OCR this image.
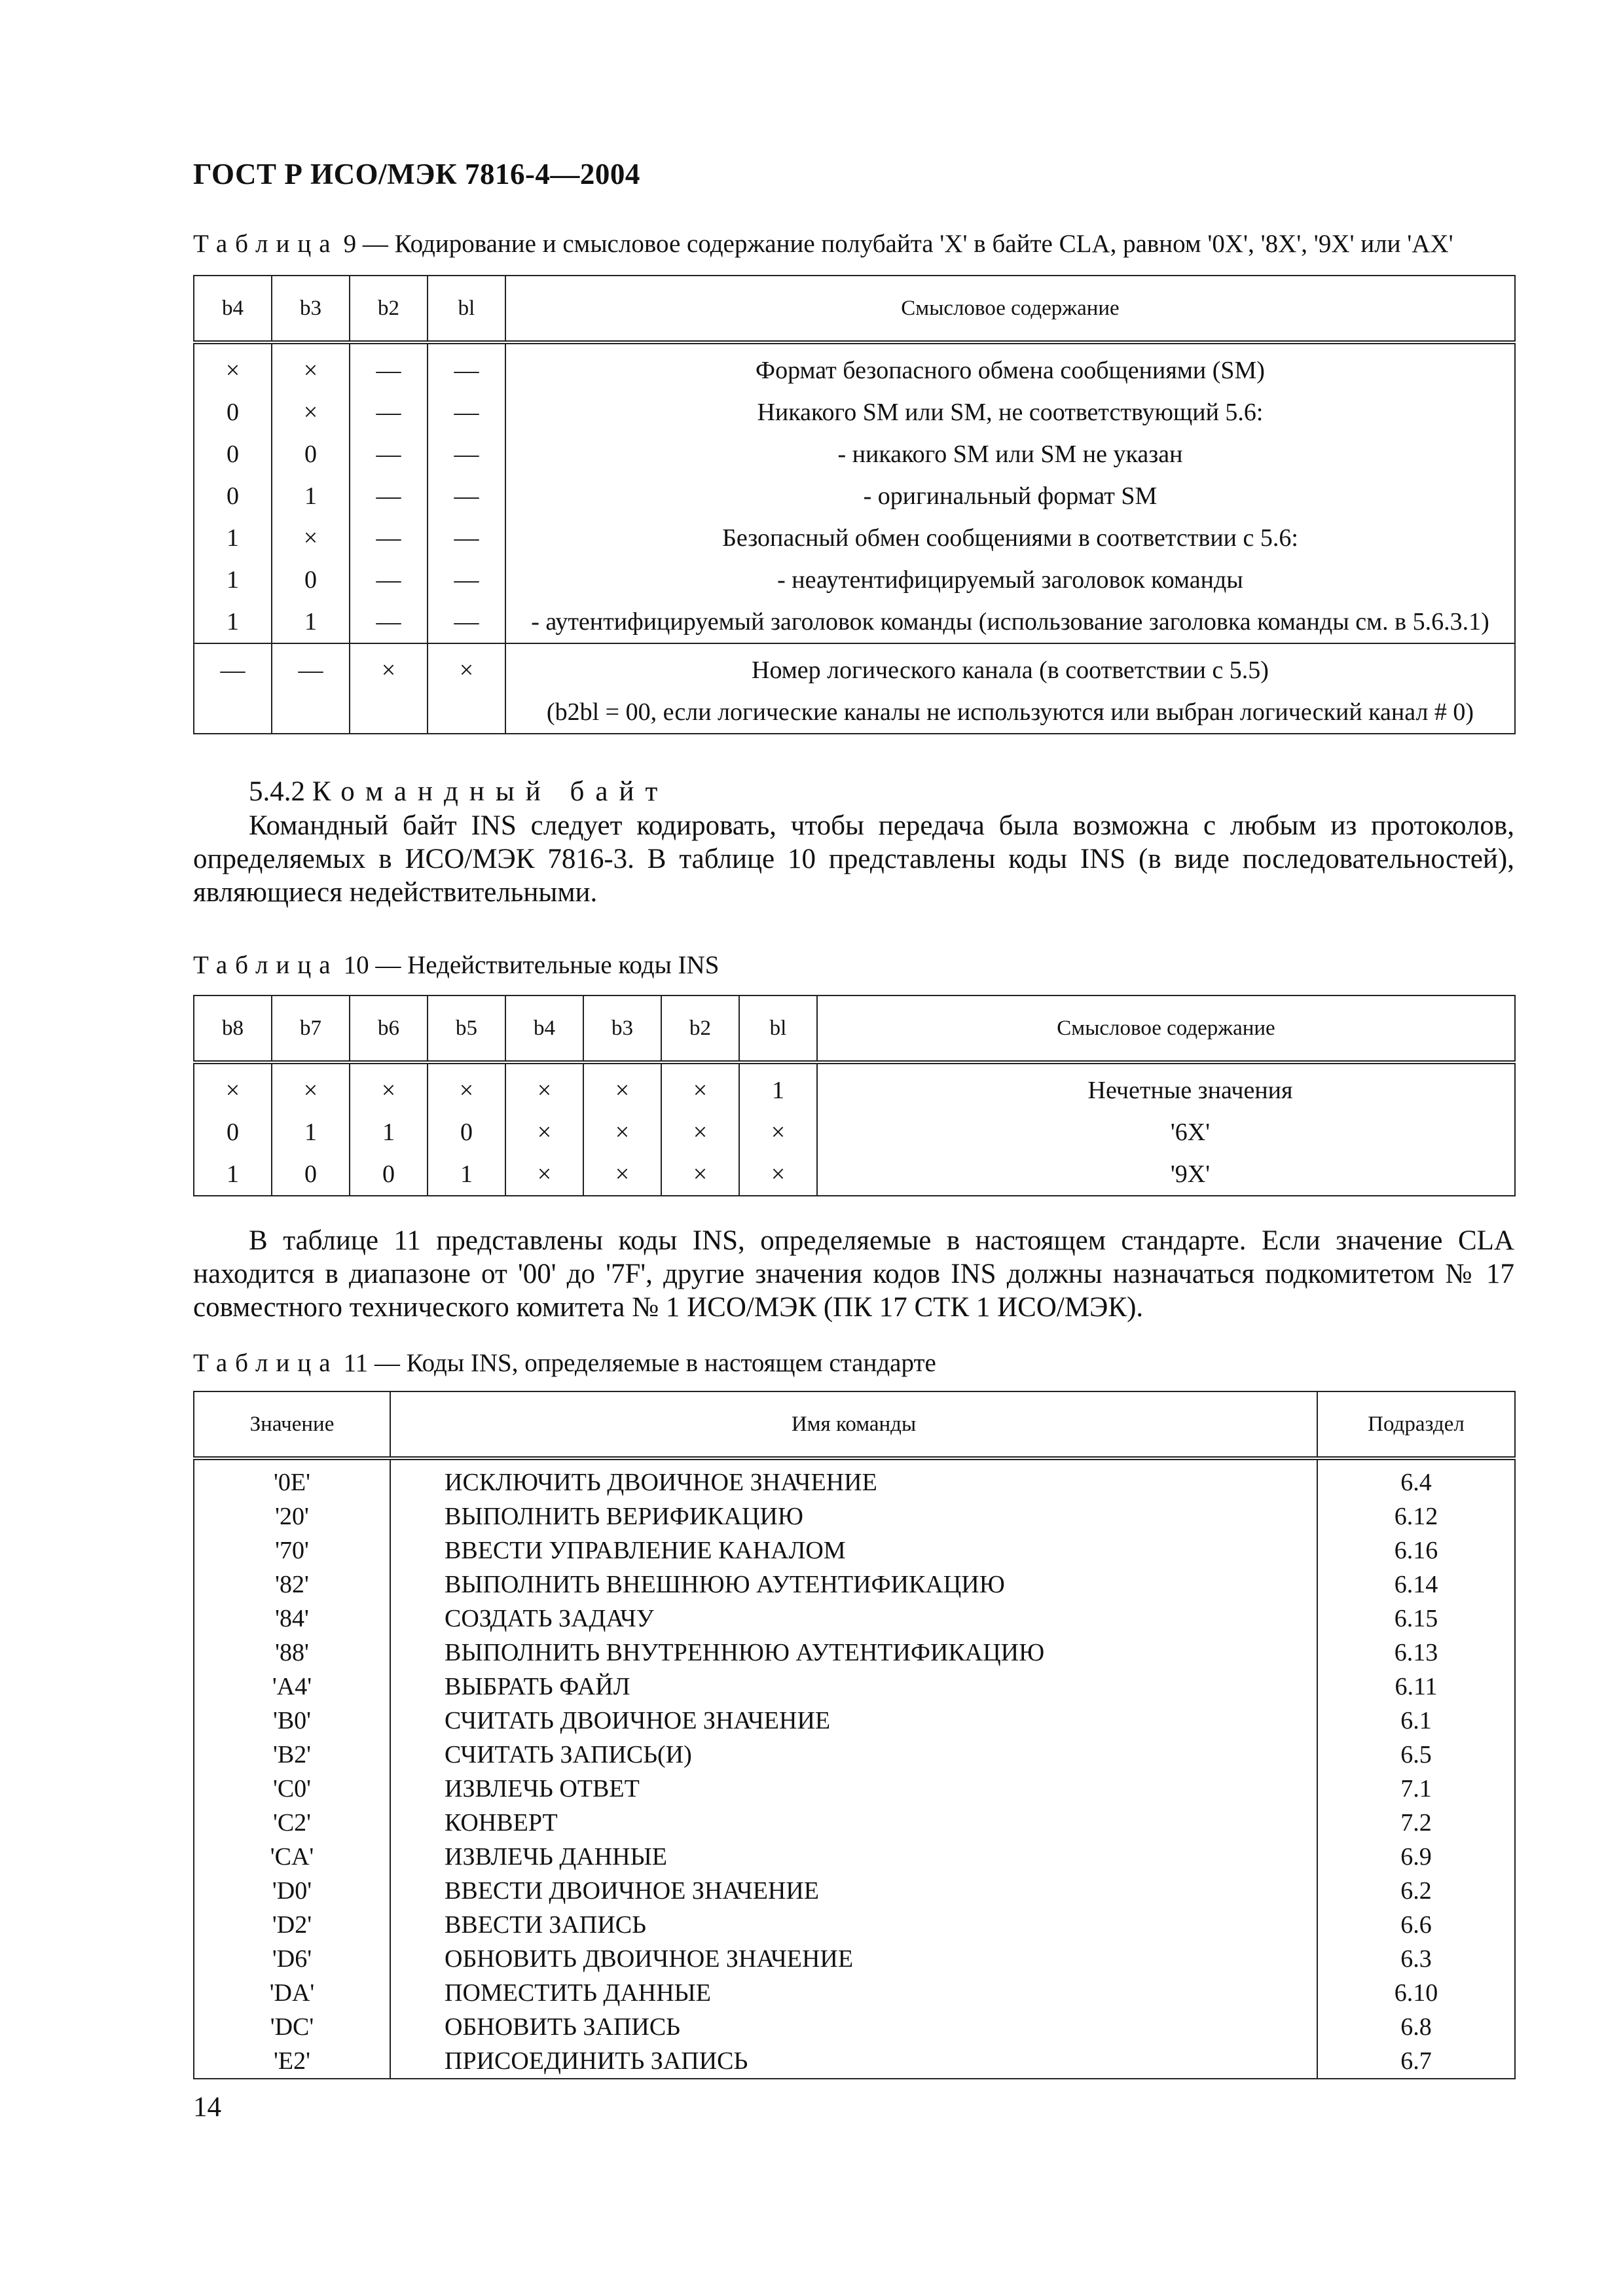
ГОСТ Р ИСО/МЭК 7816-4—2004
Таблица 9 — Кодирование и смысловое содержание полубайта 'X' в байте CLA, равном '0X', '8X', '9X' или 'AX'
b4	b3	b2	bl	Смысловое содержание
×	×	—	—	Формат безопасного обмена сообщениями (SM)
0	×	—	—	Никакого SM или SM, не соответствующий 5.6:
0	0	—	—	- никакого SM или SM не указан
0	1	—	—	- оригинальный формат SM
1	×	—	—	Безопасный обмен сообщениями в соответствии с 5.6:
1	0	—	—	- неаутентифицируемый заголовок команды
1	1	—	—	- аутентифицируемый заголовок команды (использование заголовка команды см. в 5.6.3.1)
—	—	×	×	Номер логического канала (в соответствии с 5.5)
				(b2bl = 00, если логические каналы не используются или выбран логический канал # 0)
5.4.2 Командный байт
Командный байт INS следует кодировать, чтобы передача была возможна с любым из протоколов, определяемых в ИСО/МЭК 7816-3. В таблице 10 представлены коды INS (в виде последовательностей), являющиеся недействительными.
Таблица 10 — Недействительные коды INS
b8	b7	b6	b5	b4	b3	b2	bl	Смысловое содержание
×	×	×	×	×	×	×	1	Нечетные значения
0	1	1	0	×	×	×	×	'6X'
1	0	0	1	×	×	×	×	'9X'
В таблице 11 представлены коды INS, определяемые в настоящем стандарте. Если значение CLA находится в диапазоне от '00' до '7F', другие значения кодов INS должны назначаться подкомитетом № 17 совместного технического комитета № 1 ИСО/МЭК (ПК 17 СТК 1 ИСО/МЭК).
Таблица 11 — Коды INS, определяемые в настоящем стандарте
Значение	Имя команды	Подраздел
'0E'	ИСКЛЮЧИТЬ ДВОИЧНОЕ ЗНАЧЕНИЕ	6.4
'20'	ВЫПОЛНИТЬ ВЕРИФИКАЦИЮ	6.12
'70'	ВВЕСТИ УПРАВЛЕНИЕ КАНАЛОМ	6.16
'82'	ВЫПОЛНИТЬ ВНЕШНЮЮ АУТЕНТИФИКАЦИЮ	6.14
'84'	СОЗДАТЬ ЗАДАЧУ	6.15
'88'	ВЫПОЛНИТЬ ВНУТРЕННЮЮ АУТЕНТИФИКАЦИЮ	6.13
'A4'	ВЫБРАТЬ ФАЙЛ	6.11
'B0'	СЧИТАТЬ ДВОИЧНОЕ ЗНАЧЕНИЕ	6.1
'B2'	СЧИТАТЬ ЗАПИСЬ(И)	6.5
'C0'	ИЗВЛЕЧЬ ОТВЕТ	7.1
'C2'	КОНВЕРТ	7.2
'CA'	ИЗВЛЕЧЬ ДАННЫЕ	6.9
'D0'	ВВЕСТИ ДВОИЧНОЕ ЗНАЧЕНИЕ	6.2
'D2'	ВВЕСТИ ЗАПИСЬ	6.6
'D6'	ОБНОВИТЬ ДВОИЧНОЕ ЗНАЧЕНИЕ	6.3
'DA'	ПОМЕСТИТЬ ДАННЫЕ	6.10
'DC'	ОБНОВИТЬ ЗАПИСЬ	6.8
'E2'	ПРИСОЕДИНИТЬ ЗАПИСЬ	6.7
14
